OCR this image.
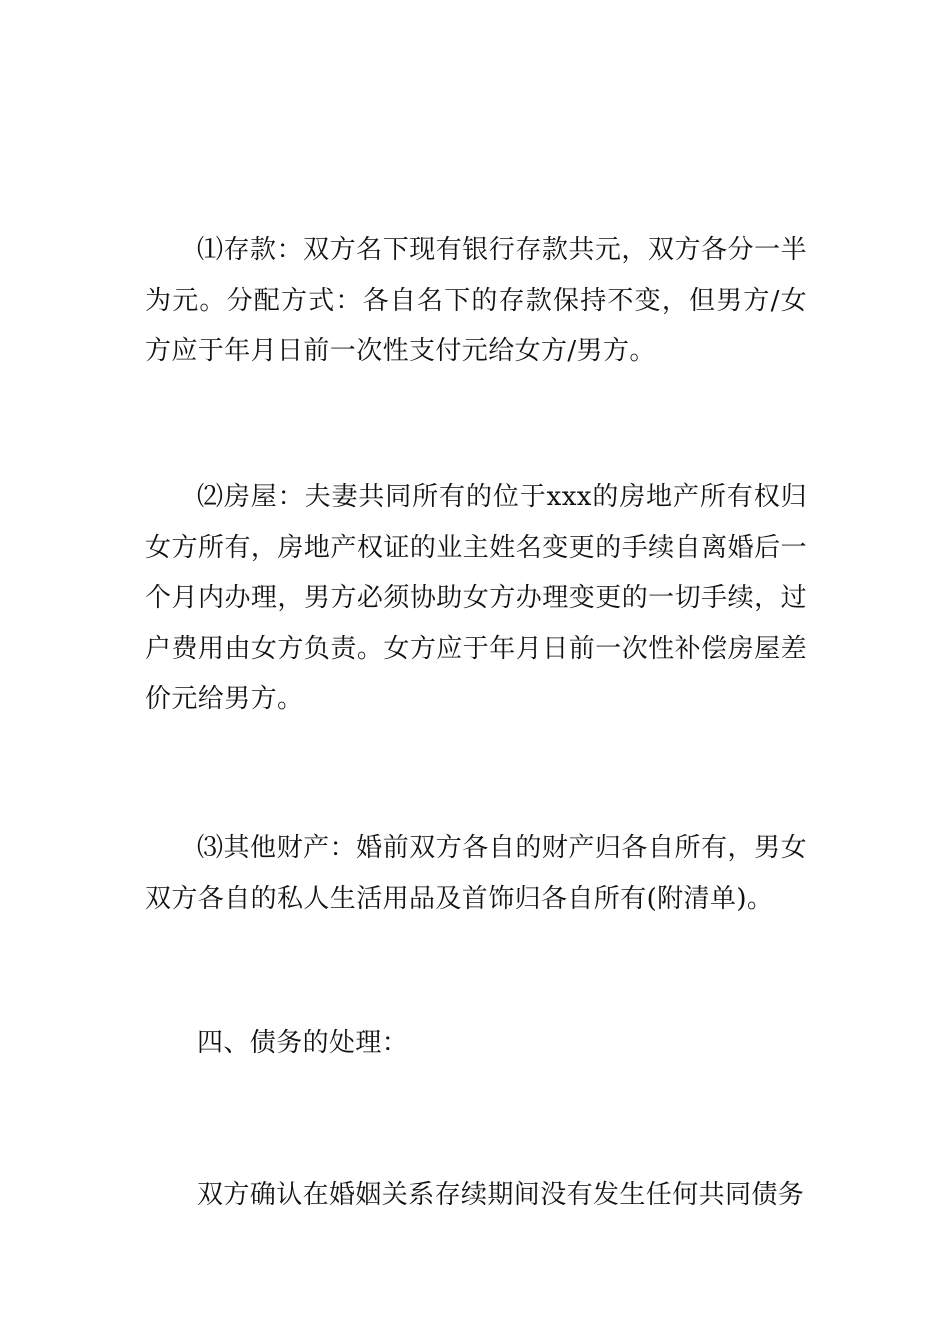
⑴存款：双方名下现有银行存款共元，双方各分一半为元。分配方式：各自名下的存款保持不变，但男方/女方应于年月日前一次性支付元给女方/男方。

⑵房屋：夫妻共同所有的位于xxx的房地产所有权归女方所有，房地产权证的业主姓名变更的手续自离婚后一个月内办理，男方必须协助女方办理变更的一切手续，过户费用由女方负责。女方应于年月日前一次性补偿房屋差价元给男方。

⑶其他财产：婚前双方各自的财产归各自所有，男女双方各自的私人生活用品及首饰归各自所有(附清单)。

四、债务的处理：

双方确认在婚姻关系存续期间没有发生任何共同债务
